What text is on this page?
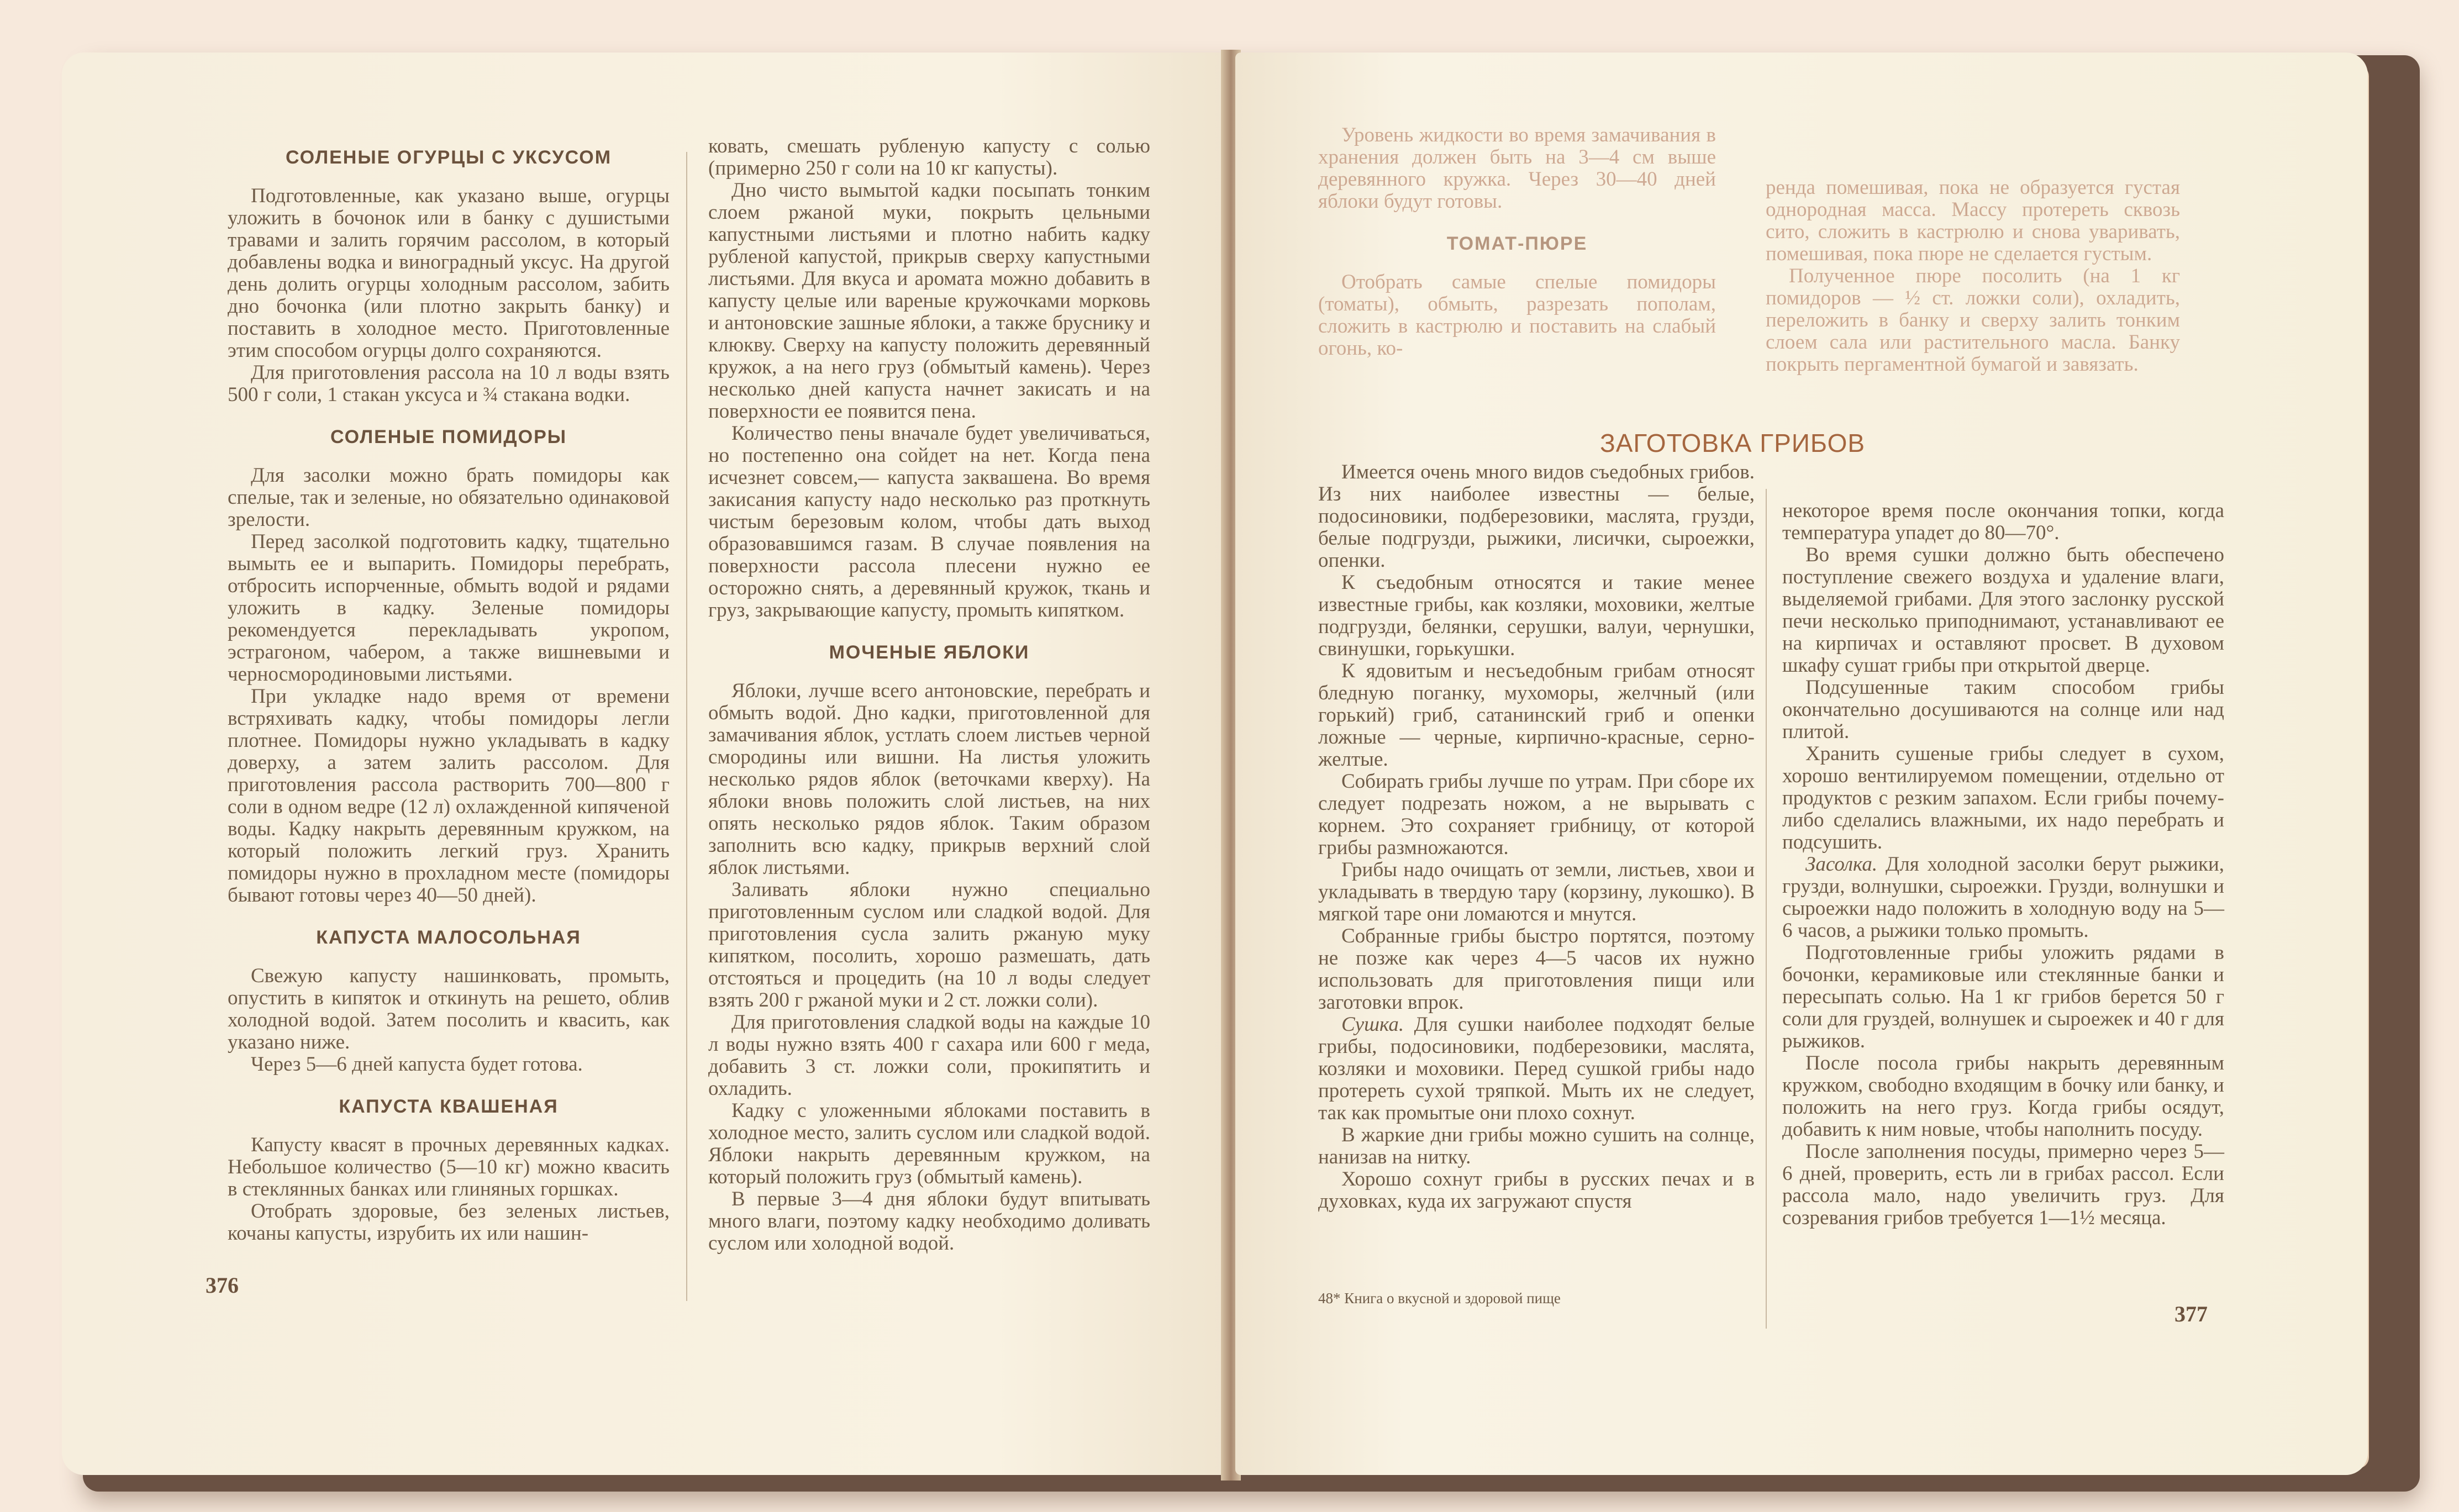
СОЛЕНЫЕ ОГУРЦЫ С УКСУСОМ

Подготовленные, как указано выше, огурцы уложить в бочонок или в банку с душистыми травами и залить горячим рассолом, в который добавлены водка и виноградный уксус. На другой день долить огурцы холодным рассолом, забить дно бочонка (или плотно закрыть банку) и поставить в холодное место. Приготовленные этим способом огурцы долго сохраняются.

Для приготовления рассола на 10 л воды взять 500 г соли, 1 стакан уксуса и ¾ стакана водки.

СОЛЕНЫЕ ПОМИДОРЫ

Для засолки можно брать помидоры как спелые, так и зеленые, но обязательно одинаковой зрелости.

Перед засолкой подготовить кадку, тщательно вымыть ее и выпарить. Помидоры перебрать, отбросить испорченные, обмыть водой и рядами уложить в кадку. Зеленые помидоры рекомендуется перекладывать укропом, эстрагоном, чабером, а также вишневыми и черносмородиновыми листьями.

При укладке надо время от времени встряхивать кадку, чтобы помидоры легли плотнее. Помидоры нужно укладывать в кадку доверху, а затем залить рассолом. Для приготовления рассола растворить 700—800 г соли в одном ведре (12 л) охлажденной кипяченой воды. Кадку накрыть деревянным кружком, на который положить легкий груз. Хранить помидоры нужно в прохладном месте (помидоры бывают готовы через 40—50 дней).

КАПУСТА МАЛОСОЛЬНАЯ

Свежую капусту нашинковать, промыть, опустить в кипяток и откинуть на решето, облив холодной водой. Затем посолить и квасить, как указано ниже.

Через 5—6 дней капуста будет готова.

КАПУСТА КВАШЕНАЯ

Капусту квасят в прочных деревянных кадках. Небольшое количество (5—10 кг) можно квасить в стеклянных банках или глиняных горшках.

Отобрать здоровые, без зеленых листьев, кочаны капусты, изрубить их или нашин-

ковать, смешать рубленую капусту с солью (примерно 250 г соли на 10 кг капусты).

Дно чисто вымытой кадки посыпать тонким слоем ржаной муки, покрыть цельными капустными листьями и плотно набить кадку рубленой капустой, прикрыв сверху капустными листьями. Для вкуса и аромата можно добавить в капусту целые или вареные кружочками морковь и антоновские зашные яблоки, а также бруснику и клюкву. Сверху на капусту положить деревянный кружок, а на него груз (обмытый камень). Через несколько дней капуста начнет закисать и на поверхности ее появится пена.

Количество пены вначале будет увеличиваться, но постепенно она сойдет на нет. Когда пена исчезнет совсем,— капуста заквашена. Во время закисания капусту надо несколько раз проткнуть чистым березовым колом, чтобы дать выход образовавшимся газам. В случае появления на поверхности рассола плесени нужно ее осторожно снять, а деревянный кружок, ткань и груз, закрывающие капусту, промыть кипятком.

МОЧЕНЫЕ ЯБЛОКИ

Яблоки, лучше всего антоновские, перебрать и обмыть водой. Дно кадки, приготовленной для замачивания яблок, устлать слоем листьев черной смородины или вишни. На листья уложить несколько рядов яблок (веточками кверху). На яблоки вновь положить слой листьев, на них опять несколько рядов яблок. Таким образом заполнить всю кадку, прикрыв верхний слой яблок листьями.

Заливать яблоки нужно специально приготовленным суслом или сладкой водой. Для приготовления сусла залить ржаную муку кипятком, посолить, хорошо размешать, дать отстояться и процедить (на 10 л воды следует взять 200 г ржаной муки и 2 ст. ложки соли).

Для приготовления сладкой воды на каждые 10 л воды нужно взять 400 г сахара или 600 г меда, добавить 3 ст. ложки соли, прокипятить и охладить.

Кадку с уложенными яблоками поставить в холодное место, залить суслом или сладкой водой. Яблоки накрыть деревянным кружком, на который положить груз (обмытый камень).

В первые 3—4 дня яблоки будут впитывать много влаги, поэтому кадку необходимо доливать суслом или холодной водой.

376

Уровень жидкости во время замачивания в хранения должен быть на 3—4 см выше деревянного кружка. Через 30—40 дней яблоки будут готовы.

ТОМАТ-ПЮРЕ

Отобрать самые спелые помидоры (томаты), обмыть, разрезать пополам, сложить в кастрюлю и поставить на слабый огонь, ко-

ренда помешивая, пока не образуется густая однородная масса. Массу протереть сквозь сито, сложить в кастрюлю и снова уваривать, помешивая, пока пюре не сделается густым.

Полученное пюре посолить (на 1 кг помидоров — ½ ст. ложки соли), охладить, переложить в банку и сверху залить тонким слоем сала или растительного масла. Банку покрыть пергаментной бумагой и завязать.

ЗАГОТОВКА ГРИБОВ

Имеется очень много видов съедобных грибов. Из них наиболее известны — белые, подосиновики, подберезовики, маслята, грузди, белые подгрузди, рыжики, лисички, сыроежки, опенки.

К съедобным относятся и такие менее известные грибы, как козляки, моховики, желтые подгрузди, белянки, серушки, валуи, чернушки, свинушки, горькушки.

К ядовитым и несъедобным грибам относят бледную поганку, мухоморы, желчный (или горький) гриб, сатанинский гриб и опенки ложные — черные, кирпично-красные, серно-желтые.

Собирать грибы лучше по утрам. При сборе их следует подрезать ножом, а не вырывать с корнем. Это сохраняет грибницу, от которой грибы размножаются.

Грибы надо очищать от земли, листьев, хвои и укладывать в твердую тару (корзину, лукошко). В мягкой таре они ломаются и мнутся.

Собранные грибы быстро портятся, поэтому не позже как через 4—5 часов их нужно использовать для приготовления пищи или заготовки впрок.

Сушка. Для сушки наиболее подходят белые грибы, подосиновики, подберезовики, маслята, козляки и моховики. Перед сушкой грибы надо протереть сухой тряпкой. Мыть их не следует, так как промытые они плохо сохнут.

В жаркие дни грибы можно сушить на солнце, нанизав на нитку.

Хорошо сохнут грибы в русских печах и в духовках, куда их загружают спустя

некоторое время после окончания топки, когда температура упадет до 80—70°.

Во время сушки должно быть обеспечено поступление свежего воздуха и удаление влаги, выделяемой грибами. Для этого заслонку русской печи несколько приподнимают, устанавливают ее на кирпичах и оставляют просвет. В духовом шкафу сушат грибы при открытой дверце.

Подсушенные таким способом грибы окончательно досушиваются на солнце или над плитой.

Хранить сушеные грибы следует в сухом, хорошо вентилируемом помещении, отдельно от продуктов с резким запахом. Если грибы почему-либо сделались влажными, их надо перебрать и подсушить.

Засолка. Для холодной засолки берут рыжики, грузди, волнушки, сыроежки. Грузди, волнушки и сыроежки надо положить в холодную воду на 5—6 часов, а рыжики только промыть.

Подготовленные грибы уложить рядами в бочонки, керамиковые или стеклянные банки и пересыпать солью. На 1 кг грибов берется 50 г соли для груздей, волнушек и сыроежек и 40 г для рыжиков.

После посола грибы накрыть деревянным кружком, свободно входящим в бочку или банку, и положить на него груз. Когда грибы осядут, добавить к ним новые, чтобы наполнить посуду.

После заполнения посуды, примерно через 5—6 дней, проверить, есть ли в грибах рассол. Если рассола мало, надо увеличить груз. Для созревания грибов требуется 1—1½ месяца.

48* Книга о вкусной и здоровой пище
377
